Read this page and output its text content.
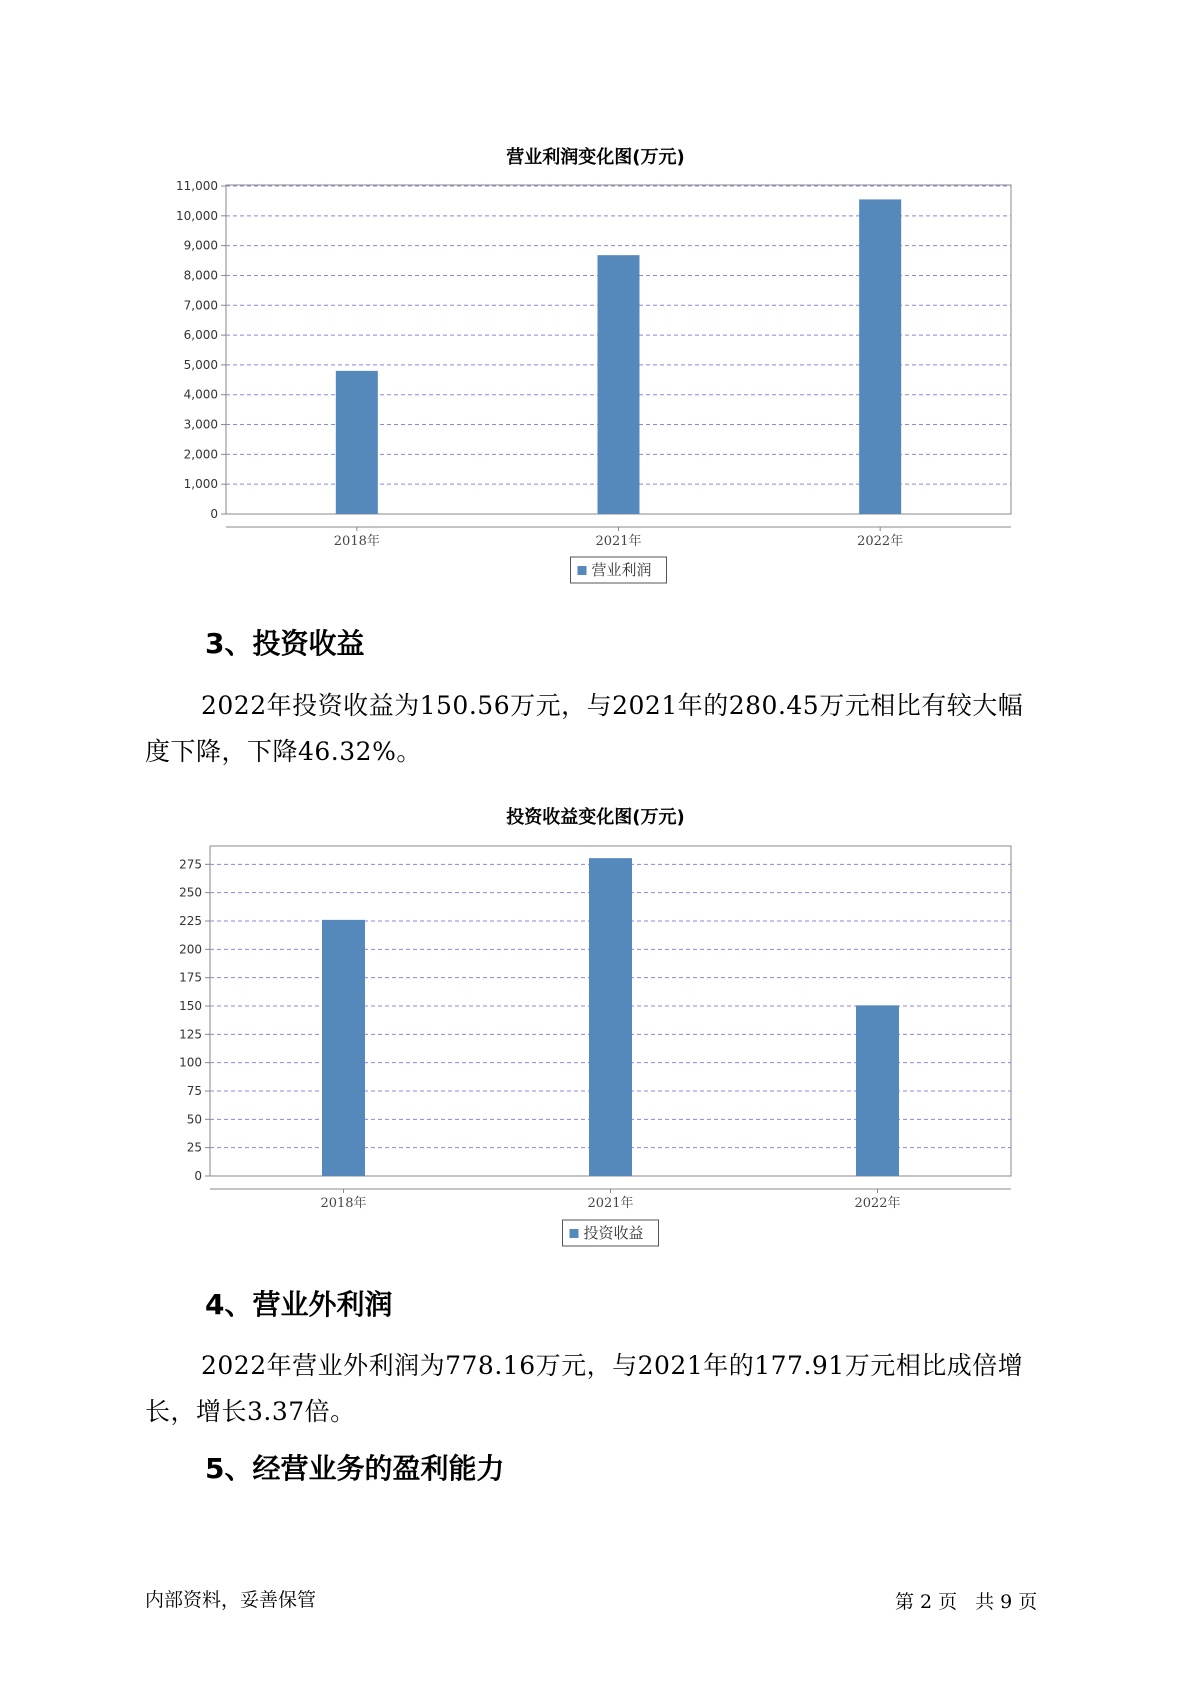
营业利润变化图(万元)
0
1,000
2,000
3,000
4,000
5,000
6,000
7,000
8,000
9,000
10,000
11,000
2018年	2021年	2022年
营业利润
3、投资收益
2022年投资收益为150.56万元，与2021年的280.45万元相比有较大幅度下降，下降46.32%。
投资收益变化图(万元)
0
25
50
75
100
125
150
175
200
225
250
275
2018年	2021年	2022年
投资收益
4、营业外利润
2022年营业外利润为778.16万元，与2021年的177.91万元相比成倍增长，增长3.37倍。
5、经营业务的盈利能力
内部资料，妥善保管	第 2 页 共 9 页
